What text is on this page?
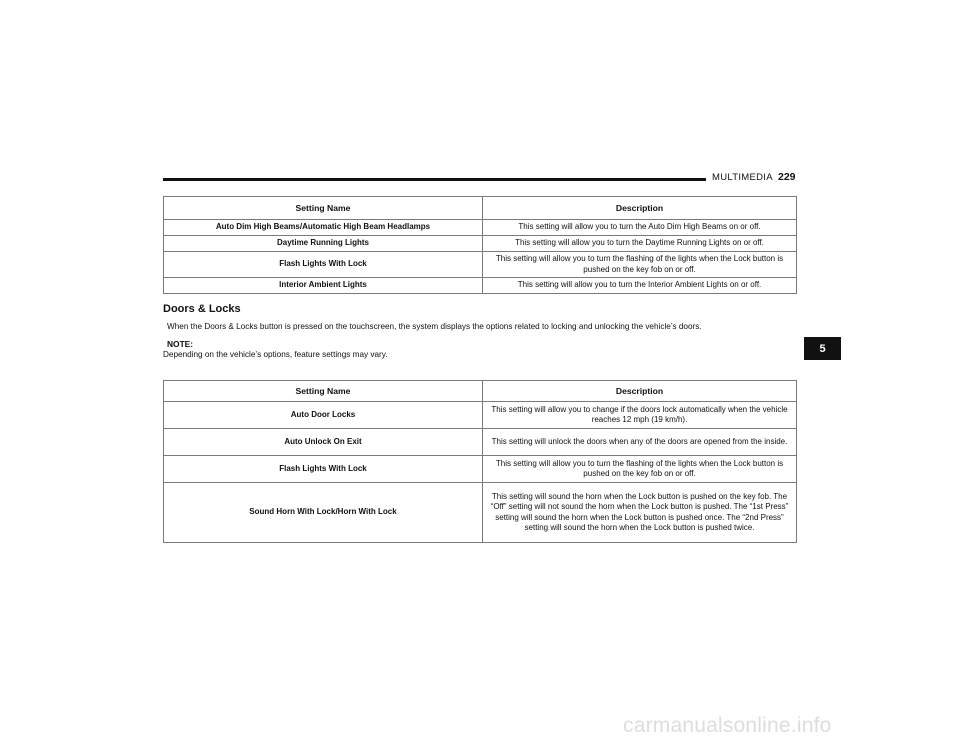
MULTIMEDIA 229
Setting Name	Description
Auto Dim High Beams/Automatic High Beam Headlamps	This setting will allow you to turn the Auto Dim High Beams on or off.
Daytime Running Lights	This setting will allow you to turn the Daytime Running Lights on or off.
Flash Lights With Lock	This setting will allow you to turn the flashing of the lights when the Lock button is pushed on the key fob on or off.
Interior Ambient Lights	This setting will allow you to turn the Interior Ambient Lights on or off.
Doors & Locks
When the Doors & Locks button is pressed on the touchscreen, the system displays the options related to locking and unlocking the vehicle’s doors.
NOTE:
Depending on the vehicle’s options, feature settings may vary.	5
Setting Name	Description
Auto Door Locks	This setting will allow you to change if the doors lock automatically when the vehicle reaches 12 mph (19 km/h).
Auto Unlock On Exit	This setting will unlock the doors when any of the doors are opened from the inside.
Flash Lights With Lock	This setting will allow you to turn the flashing of the lights when the Lock button is pushed on the key fob on or off.
Sound Horn With Lock/Horn With Lock	This setting will sound the horn when the Lock button is pushed on the key fob. The “Off” setting will not sound the horn when the Lock button is pushed. The “1st Press” setting will sound the horn when the Lock button is pushed once. The “2nd Press” setting will sound the horn when the Lock button is pushed twice.
carmanualsonline.info
